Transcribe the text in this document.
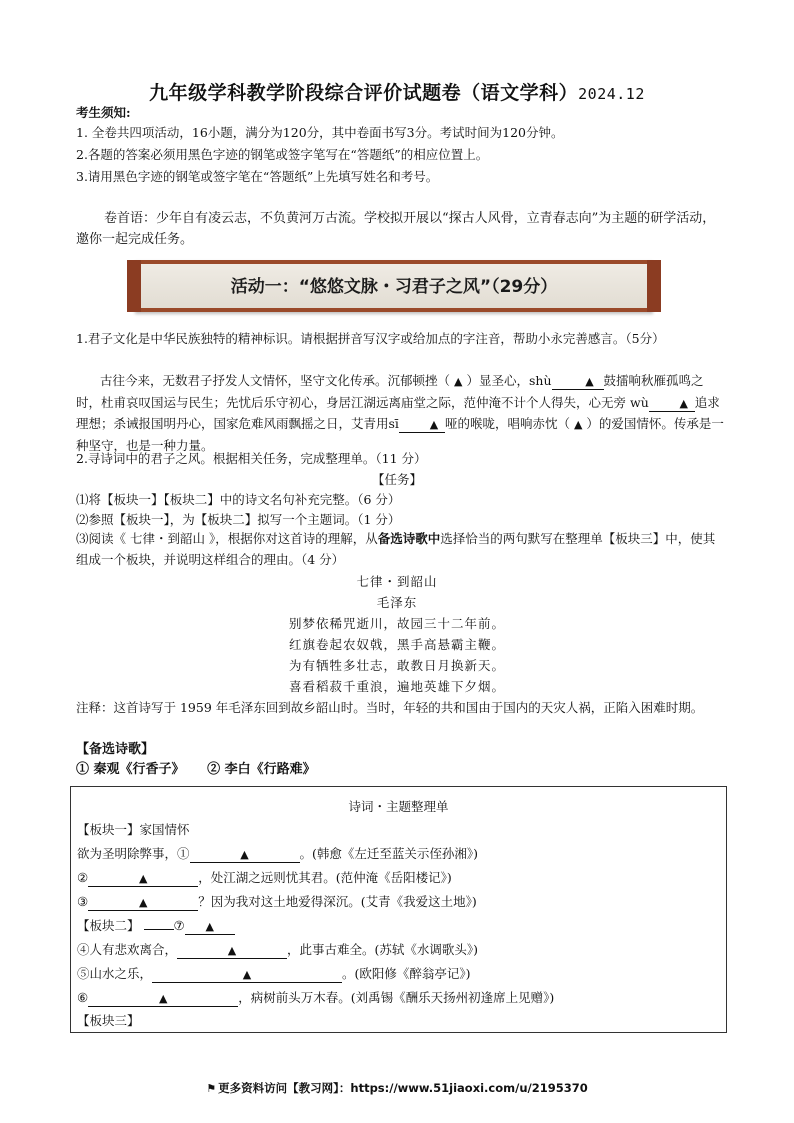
九年级学科教学阶段综合评价试题卷（语文学科）2024.12
考生须知:
1. 全卷共四项活动，16小题，满分为120分，其中卷面书写3分。考试时间为120分钟。
2.各题的答案必须用黑色字迹的钢笔或签字笔写在“答题纸”的相应位置上。
3.请用黑色字迹的钢笔或签字笔在“答题纸”上先填写姓名和考号。
卷首语：少年自有凌云志，不负黄河万古流。学校拟开展以“探古人风骨，立青春志向”为主题的研学活动，邀你一起完成任务。
活动一：“悠悠文脉・习君子之风”（29分）
1.君子文化是中华民族独特的精神标识。请根据拼音写汉字或给加点的字注音，帮助小永完善感言。（5分）
古往今来，无数君子抒发人文情怀，坚守文化传承。沉郁顿挫（ ▲ ）显圣心，shù	▲ 鼓擂响秋雁孤鸣之时，杜甫哀叹国运与民生；先忧后乐守初心，身居江湖远离庙堂之际，范仲淹不计个人得失，心无旁 wù	▲ 追求理想；杀诫报国明丹心，国家危难风雨飘摇之日，艾青用sī	▲ 哑的喉咙，唱响赤忱（ ▲ ）的爱国情怀。传承是一种坚守，也是一种力量。
2.寻诗词中的君子之风。根据相关任务，完成整理单。（11 分）
【任务】
⑴将【板块一】【板块二】中的诗文名句补充完整。（6 分）
⑵参照【板块一】，为【板块二】拟写一个主题词。（1 分）
⑶阅读《 七律・到韶山 》，根据你对这首诗的理解，从备选诗歌中选择恰当的两句默写在整理单【板块三】中，使其组成一个板块，并说明这样组合的理由。（4 分）
七律・到韶山
毛泽东
别梦依稀咒逝川，故园三十二年前。
红旗卷起农奴戟，黑手高悬霸主鞭。
为有牺牲多壮志，敢教日月换新天。
喜看稻菽千重浪，遍地英雄下夕烟。
注释：这首诗写于 1959 年毛泽东回到故乡韶山时。当时，年轻的共和国由于国内的天灾人祸，正陷入困难时期。
【备选诗歌】
① 秦观《行香子》 ② 李白《行路难》
诗词・主题整理单
【板块一】家国情怀
欲为圣明除弊事，①	▲	。(韩愈《左迁至蓝关示侄孙湘》)
②	▲	，处江湖之远则忧其君。(范仲淹《岳阳楼记》)
③	▲	？因为我对这土地爱得深沉。(艾青《我爱这土地》)
【板块二】	⑦ ▲
④人有悲欢离合，	▲	，此事古难全。(苏轼《水调歌头》)
⑤山水之乐，	▲	。(欧阳修《醉翁亭记》)
⑥	▲	，病树前头万木春。(刘禹锡《酬乐天扬州初逢席上见赠》)
【板块三】
⚑ 更多资料访问【教习网】：https://www.51jiaoxi.com/u/2195370
